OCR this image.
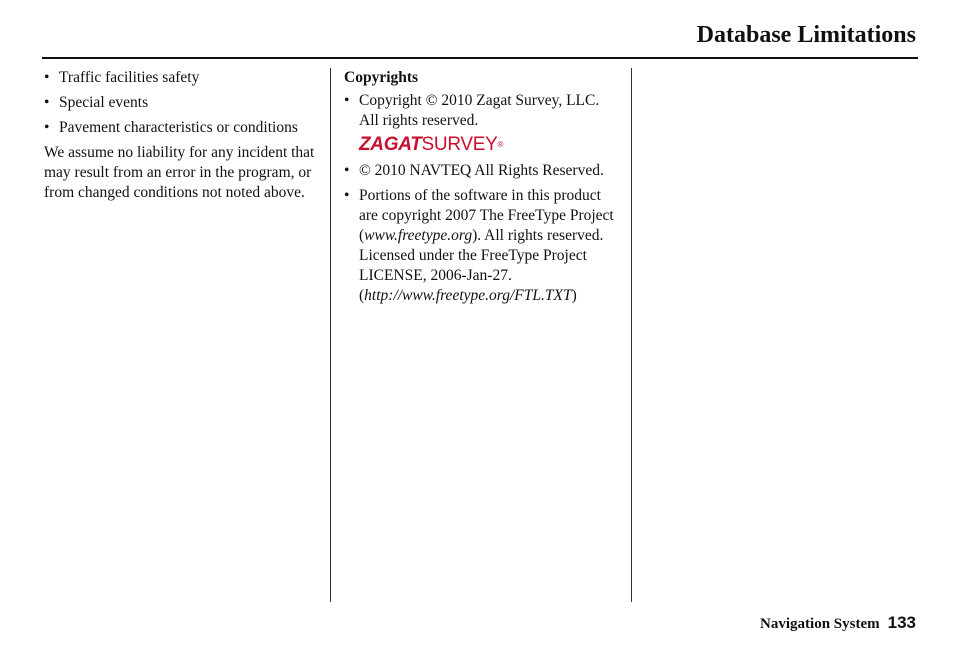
Database Limitations
• Traffic facilities safety
• Special events
• Pavement characteristics or conditions

We assume no liability for any incident that may result from an error in the program, or from changed conditions not noted above.

Copyrights
• Copyright © 2010 Zagat Survey, LLC. All rights reserved.
ZAGATSURVEY®
• © 2010 NAVTEQ All Rights Reserved.
• Portions of the software in this product are copyright 2007 The FreeType Project (www.freetype.org). All rights reserved.
Licensed under the FreeType Project LICENSE, 2006-Jan-27. (http://www.freetype.org/FTL.TXT)
Navigation System 133
